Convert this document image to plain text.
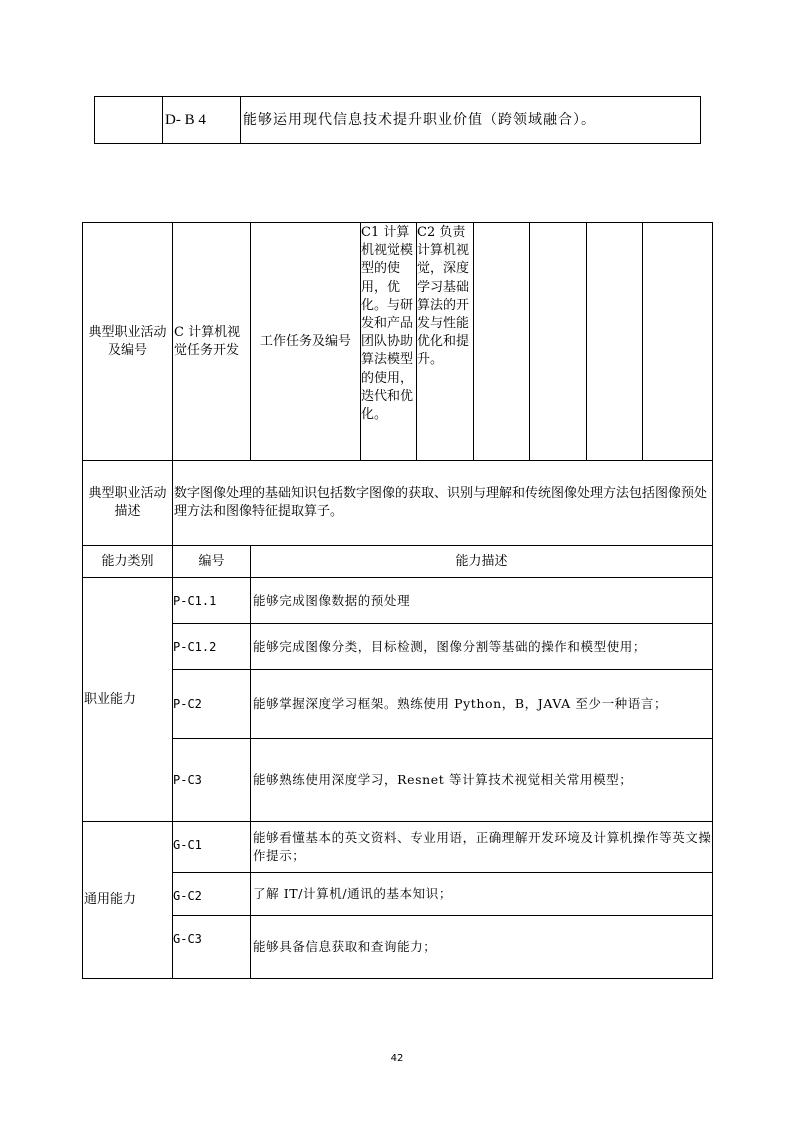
	D- B 4	能够运用现代信息技术提升职业价值（跨领域融合）。
典型职业活动及编号	C 计算机视觉任务开发	工作任务及编号	C1 计算机视觉模型的使用，优化。与研发和产品团队协助算法模型的使用，迭代和优化。	C2 负责计算机视觉，深度学习基础算法的开发与性能优化和提升。				
典型职业活动描述	数字图像处理的基础知识包括数字图像的获取、识别与理解和传统图像处理方法包括图像预处理方法和图像特征提取算子。							
能力类别	编号	能力描述						
职业能力	P-C1.1	能够完成图像数据的预处理						
	P-C1.2	能够完成图像分类，目标检测，图像分割等基础的操作和模型使用；						
	P-C2	能够掌握深度学习框架。熟练使用 Python，B，JAVA 至少一种语言；						
	P-C3	能够熟练使用深度学习，Resnet 等计算技术视觉相关常用模型；						
通用能力	G-C1	能够看懂基本的英文资料、专业用语，正确理解开发环境及计算机操作等英文操作提示；						
	G-C2	了解 IT/计算机/通讯的基本知识；						
	G-C3	能够具备信息获取和查询能力；						
42
